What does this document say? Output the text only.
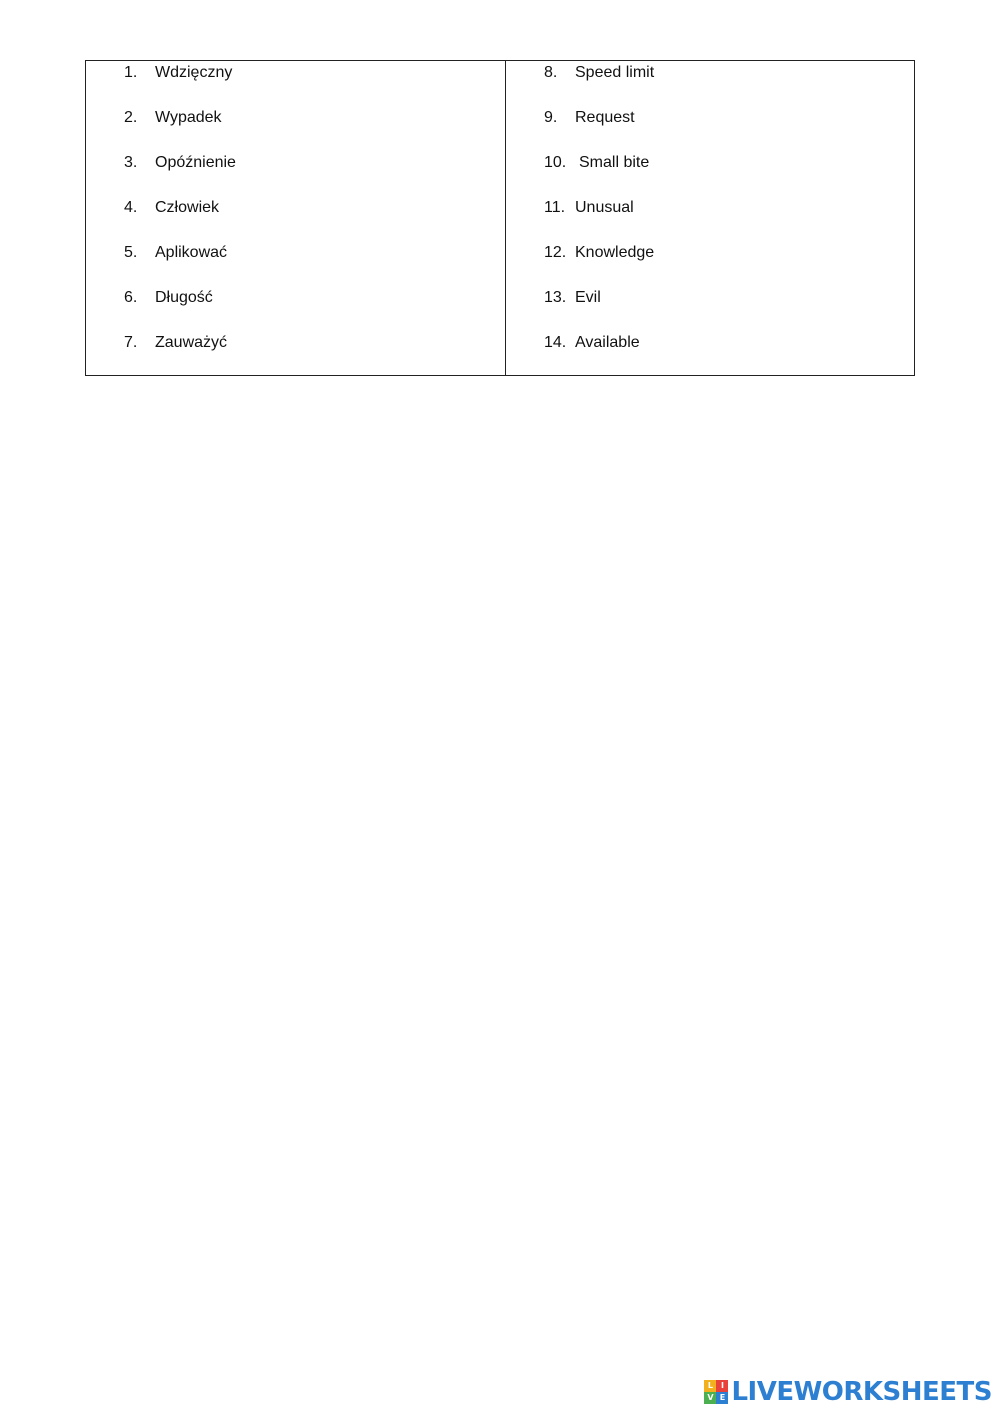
1. Wdzięczny
2. Wypadek
3. Opóźnienie
4. Człowiek
5. Aplikować
6. Długość
7. Zauważyć
8. Speed limit
9. Request
10. Small bite
11. Unusual
12. Knowledge
13. Evil
14. Available
L I
V E LIVEWORKSHEETS
